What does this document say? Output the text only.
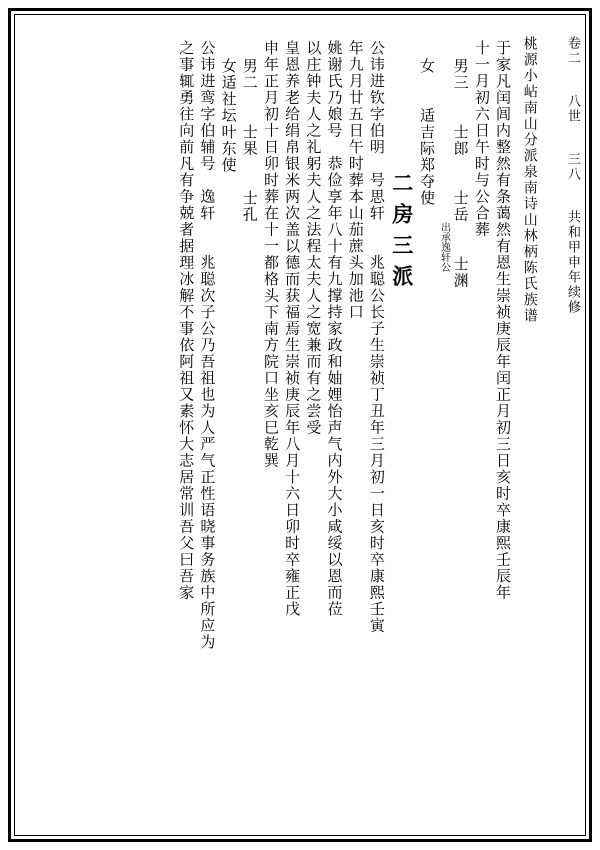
卷二
八世
三八
共和甲申年续修
桃源小岾南山分派泉南诗山林柄陈氏族谱
于家凡闰闾内整然有条蔼然有恩生崇祯庚辰年闰正月初三日亥时卒康熙壬辰年
十一月初六日午时与公合葬
男三　　士郎　　士岳　　士渊
出承逸轩公
女　　适吉际郑夺使
二房三派
公讳进钦字伯明　号思轩　　兆聪公长子生崇祯丁丑年三月初一日亥时卒康熙壬寅
年九月廿五日午时葬本山茄蔗头加池口
姚谢氏乃娘号　恭俭享年八十有九撑持家政和妯娌怡声气内外大小咸绥以恩而莅
以庄钟夫人之礼躬夫人之法程太夫人之宽兼而有之尝受
皇恩养老给绢帛银米两次盖以德而获福焉生崇祯庚辰年八月十六日卯时卒雍正戊
申年正月初十日卯时葬在十一都格头下南方院口坐亥巳乾巽
男二　　士果　　士孔
女适社坛叶东使
公讳进鸾字伯辅号　逸轩　　兆聪次子公乃吾祖也为人严气正性语晓事务族中所应为
之事辄勇往向前凡有争兢者据理冰解不事依阿祖又素怀大志居常训吾父曰吾家
